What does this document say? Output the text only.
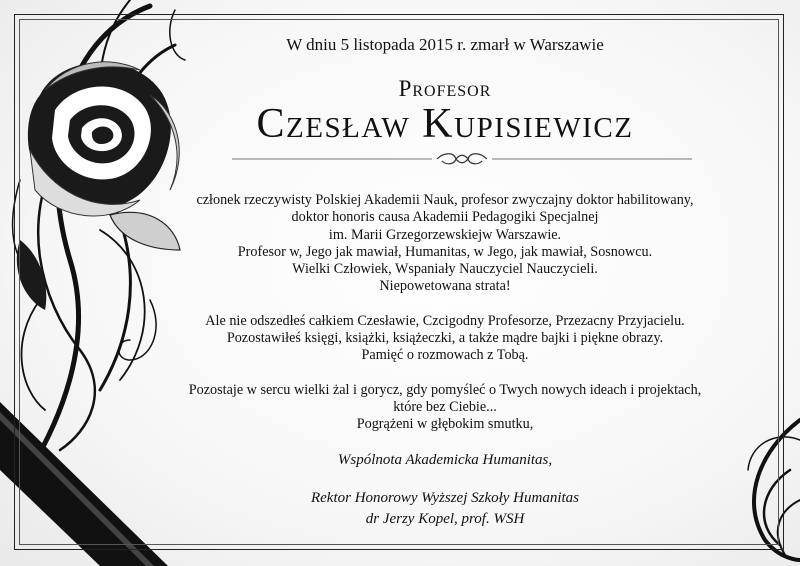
W dniu 5 listopada 2015 r. zmarł w Warszawie
Profesor
Czesław Kupisiewicz
członek rzeczywisty Polskiej Akademii Nauk, profesor zwyczajny doktor habilitowany,
doktor honoris causa Akademii Pedagogiki Specjalnej
im. Marii Grzegorzewskiejw Warszawie.
Profesor w, Jego jak mawiał, Humanitas, w Jego, jak mawiał, Sosnowcu.
Wielki Człowiek, Wspaniały Nauczyciel Nauczycieli.
Niepowetowana strata!
Ale nie odszedłeś całkiem Czesławie, Czcigodny Profesorze, Przezacny Przyjacielu.
Pozostawiłeś księgi, książki, książeczki, a także mądre bajki i piękne obrazy.
Pamięć o rozmowach z Tobą.
Pozostaje w sercu wielki żal i gorycz, gdy pomyśleć o Twych nowych ideach i projektach,
które bez Ciebie...
Pogrążeni w głębokim smutku,
Wspólnota Akademicka Humanitas,
Rektor Honorowy Wyższej Szkoły Humanitas
dr Jerzy Kopel, prof. WSH
